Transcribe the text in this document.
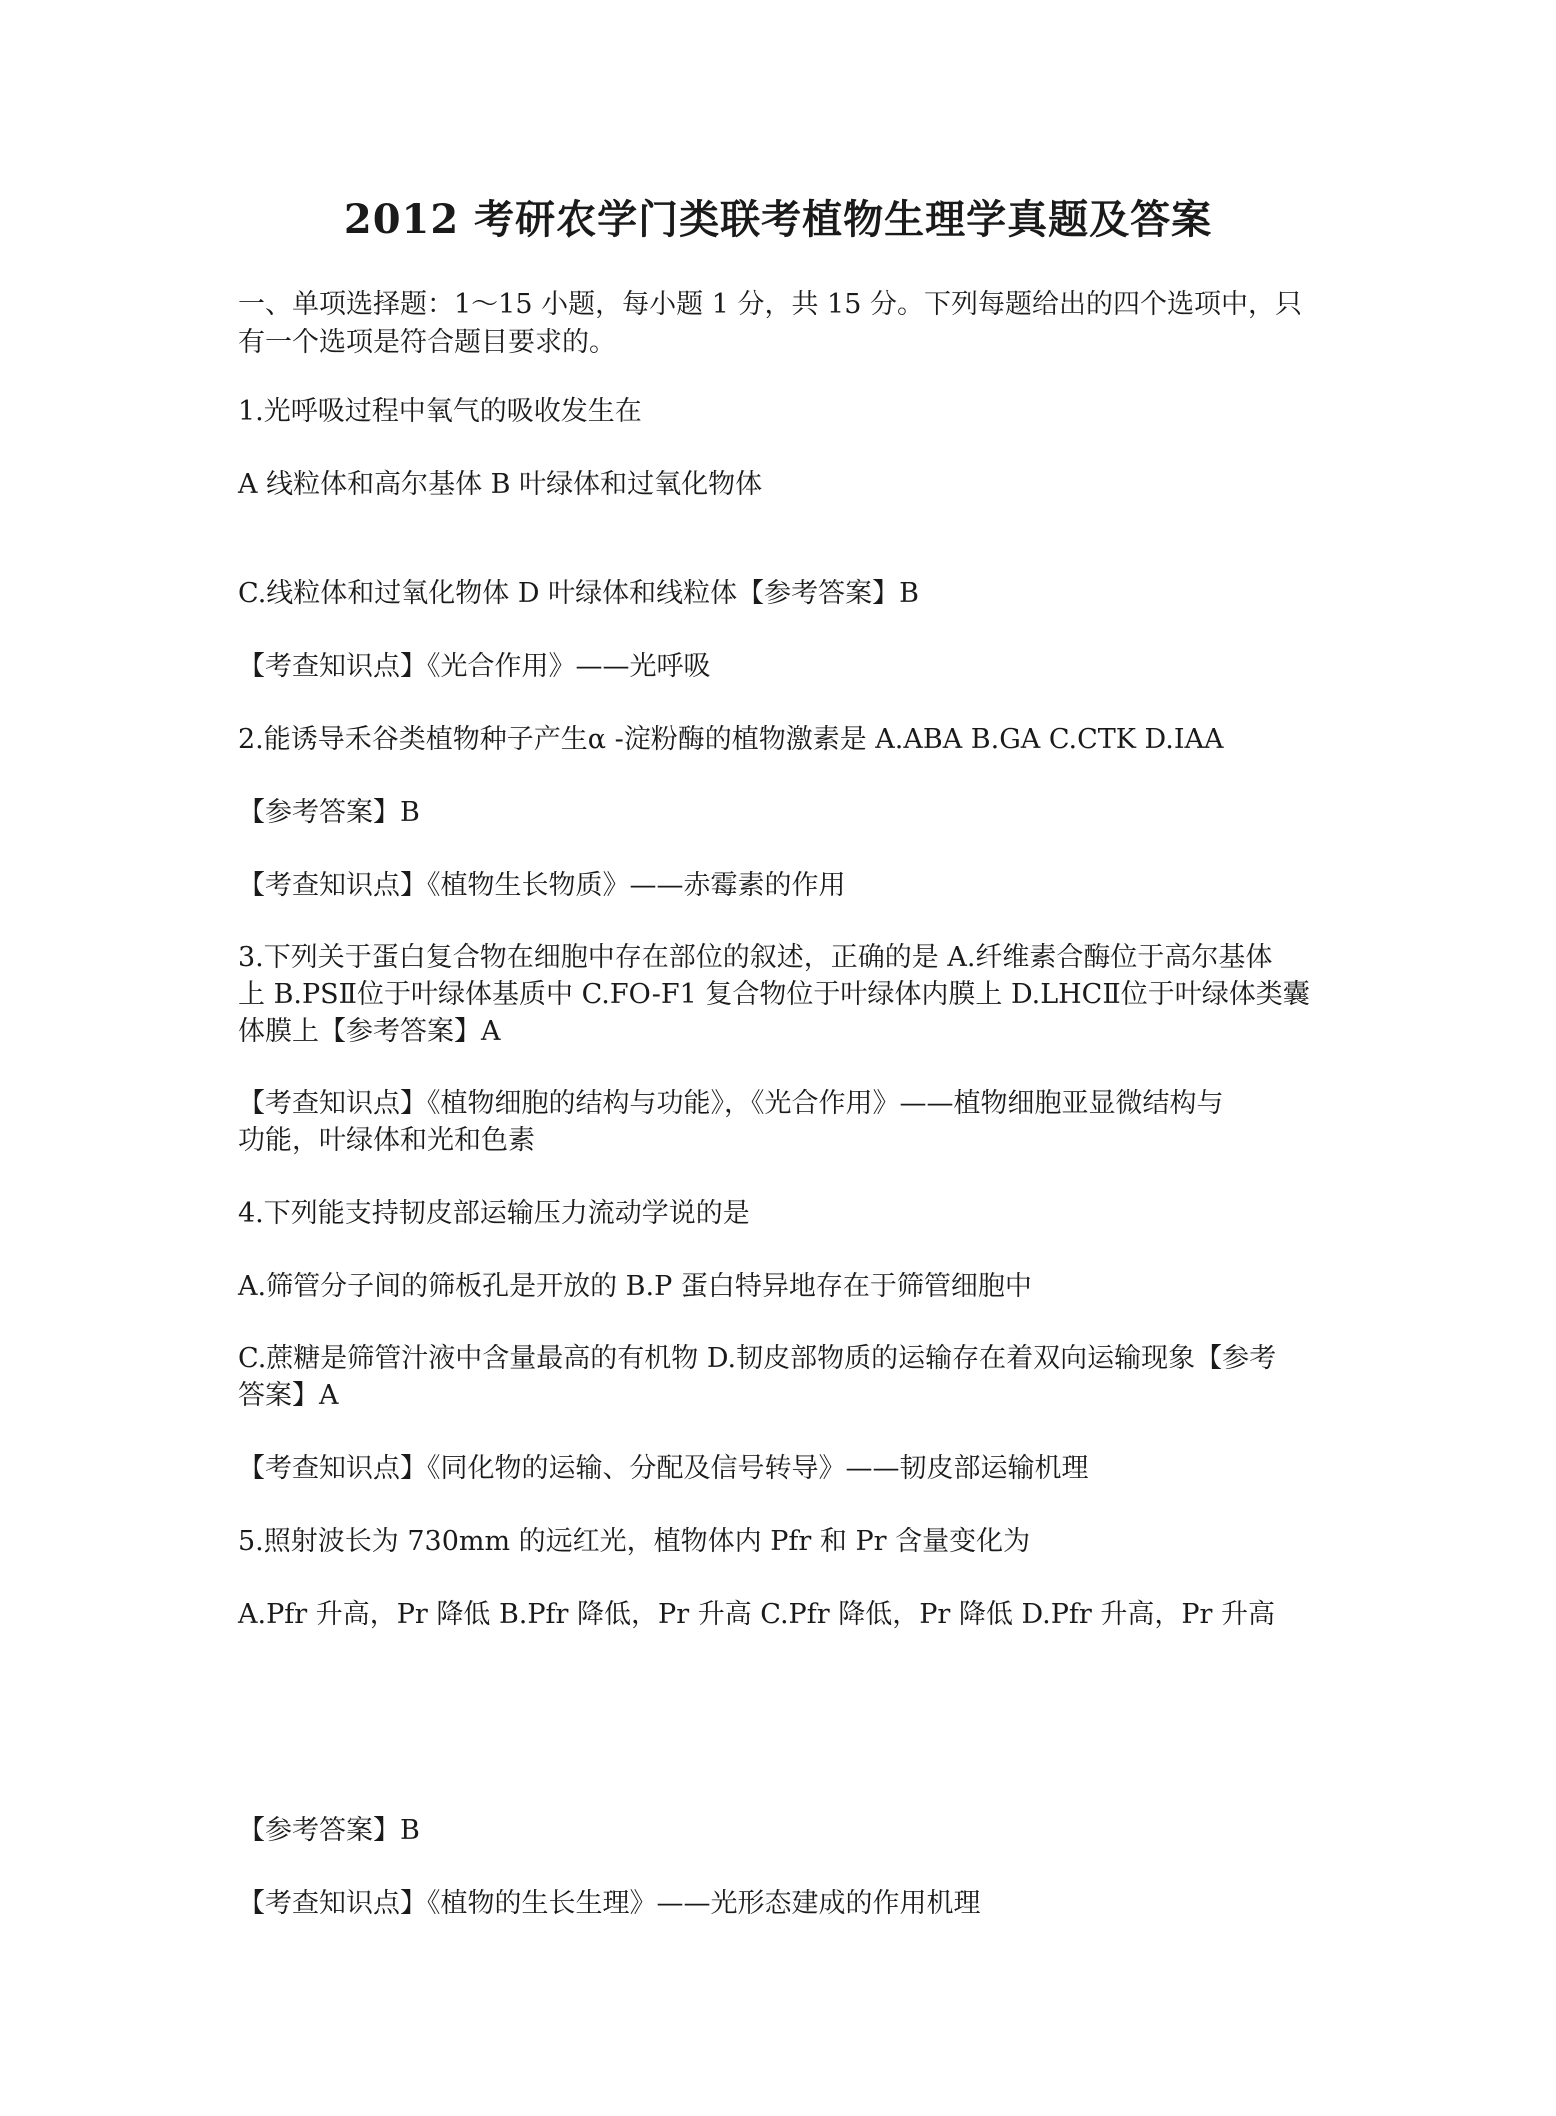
2012 考研农学门类联考植物生理学真题及答案
一、单项选择题：1～15 小题，每小题 1 分，共 15 分。下列每题给出的四个选项中，只
有一个选项是符合题目要求的。
1.光呼吸过程中氧气的吸收发生在
A 线粒体和高尔基体 B 叶绿体和过氧化物体
C.线粒体和过氧化物体 D 叶绿体和线粒体【参考答案】B
【考查知识点】《光合作用》——光呼吸
2.能诱导禾谷类植物种子产生α -淀粉酶的植物激素是 A.ABA B.GA C.CTK D.IAA
【参考答案】B
【考查知识点】《植物生长物质》——赤霉素的作用
3.下列关于蛋白复合物在细胞中存在部位的叙述，正确的是 A.纤维素合酶位于高尔基体
上 B.PSⅡ位于叶绿体基质中 C.FO-F1 复合物位于叶绿体内膜上 D.LHCⅡ位于叶绿体类囊
体膜上【参考答案】A
【考查知识点】《植物细胞的结构与功能》，《光合作用》——植物细胞亚显微结构与
功能，叶绿体和光和色素
4.下列能支持韧皮部运输压力流动学说的是
A.筛管分子间的筛板孔是开放的 B.P 蛋白特异地存在于筛管细胞中
C.蔗糖是筛管汁液中含量最高的有机物 D.韧皮部物质的运输存在着双向运输现象【参考
答案】A
【考查知识点】《同化物的运输、分配及信号转导》——韧皮部运输机理
5.照射波长为 730mm 的远红光，植物体内 Pfr 和 Pr 含量变化为
A.Pfr 升高，Pr 降低 B.Pfr 降低，Pr 升高 C.Pfr 降低，Pr 降低 D.Pfr 升高，Pr 升高
【参考答案】B
【考查知识点】《植物的生长生理》——光形态建成的作用机理
